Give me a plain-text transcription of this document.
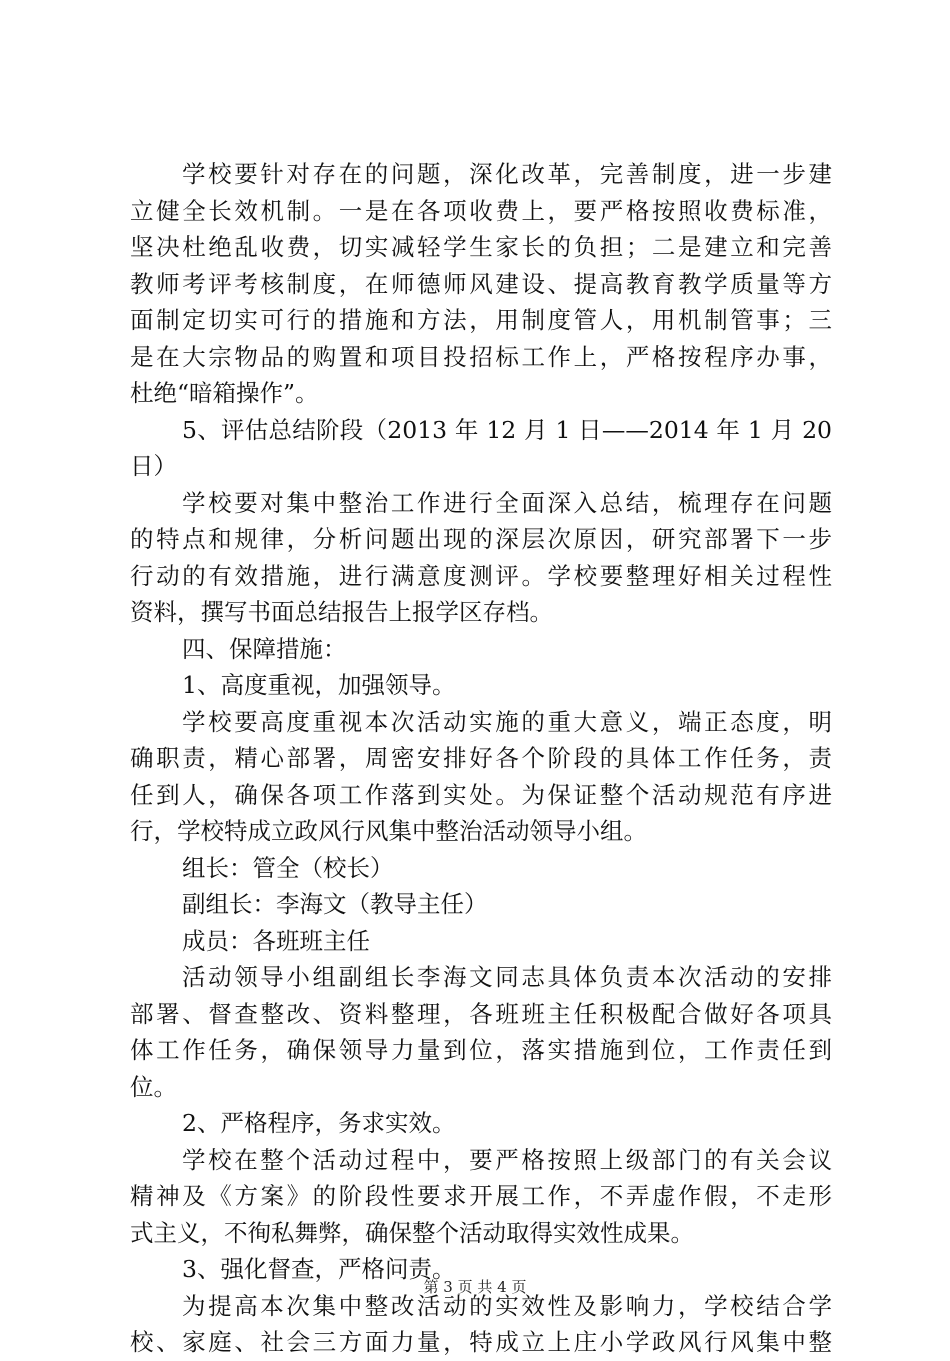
学校要针对存在的问题，深化改革，完善制度，进一步建
立健全长效机制。一是在各项收费上，要严格按照收费标准，
坚决杜绝乱收费，切实减轻学生家长的负担；二是建立和完善
教师考评考核制度，在师德师风建设、提高教育教学质量等方
面制定切实可行的措施和方法，用制度管人，用机制管事；三
是在大宗物品的购置和项目投招标工作上，严格按程序办事，
杜绝“暗箱操作”。
5、评估总结阶段（2013 年 12 月 1 日——2014 年 1 月 20
日）
学校要对集中整治工作进行全面深入总结，梳理存在问题
的特点和规律，分析问题出现的深层次原因，研究部署下一步
行动的有效措施，进行满意度测评。学校要整理好相关过程性
资料，撰写书面总结报告上报学区存档。
四、保障措施：
1、高度重视，加强领导。
学校要高度重视本次活动实施的重大意义，端正态度，明
确职责，精心部署，周密安排好各个阶段的具体工作任务，责
任到人，确保各项工作落到实处。为保证整个活动规范有序进
行，学校特成立政风行风集中整治活动领导小组。
组长：管全（校长）
副组长：李海文（教导主任）
成员：各班班主任
活动领导小组副组长李海文同志具体负责本次活动的安排
部署、督查整改、资料整理，各班班主任积极配合做好各项具
体工作任务，确保领导力量到位，落实措施到位，工作责任到
位。
2、严格程序，务求实效。
学校在整个活动过程中，要严格按照上级部门的有关会议
精神及《方案》的阶段性要求开展工作，不弄虚作假，不走形
式主义，不徇私舞弊，确保整个活动取得实效性成果。
3、强化督查，严格问责。
为提高本次集中整改活动的实效性及影响力，学校结合学
校、家庭、社会三方面力量，特成立上庄小学政风行风集中整
第 3 页 共 4 页
